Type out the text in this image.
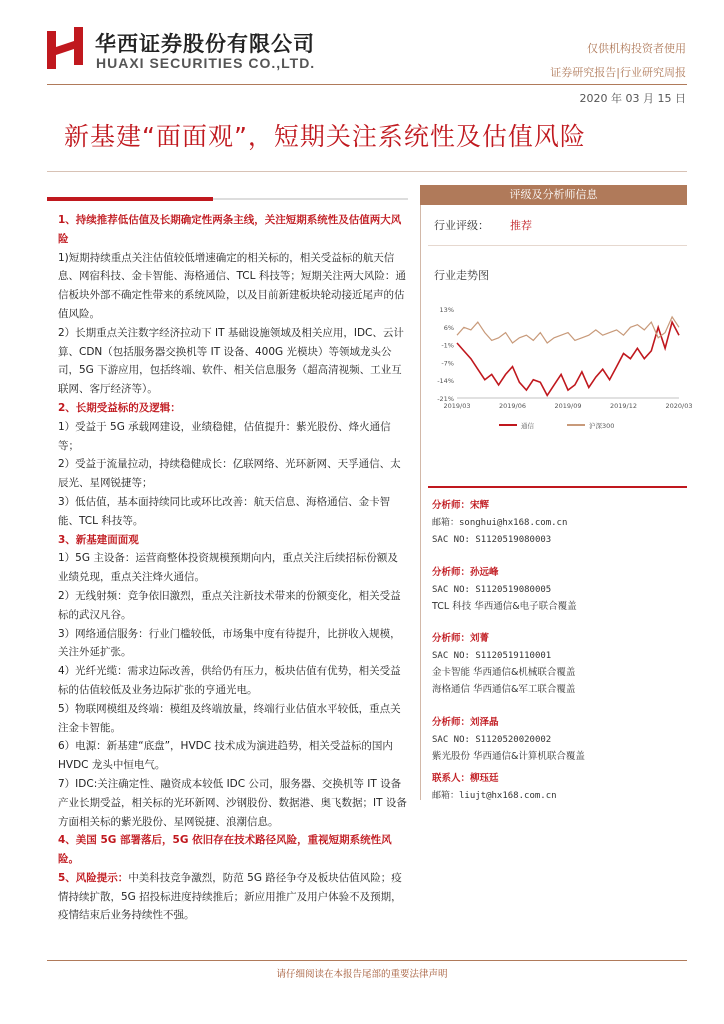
华西证券股份有限公司
HUAXI SECURITIES CO.,LTD.
仅供机构投资者使用
证券研究报告|行业研究周报
2020 年 03 月 15 日
新基建“面面观”，短期关注系统性及估值风险

1、持续推荐低估值及长期确定性两条主线，关注短期系统性及估值两大风险

1)短期持续重点关注估值较低增速确定的相关标的，相关受益标的航天信息、网宿科技、金卡智能、海格通信、TCL 科技等；短期关注两大风险：通信板块外部不确定性带来的系统风险，以及目前新建板块轮动接近尾声的估值风险。

2）长期重点关注数字经济拉动下 IT 基础设施领域及相关应用，IDC、云计算、CDN（包括服务器交换机等 IT 设备、400G 光模块）等领域龙头公司，5G 下游应用，包括终端、软件、相关信息服务（超高清视频、工业互联网、客厅经济等）。

2、长期受益标的及逻辑：

1）受益于 5G 承载网建设，业绩稳健，估值提升：紫光股份、烽火通信等；

2）受益于流量拉动，持续稳健成长：亿联网络、光环新网、天孚通信、太辰光、星网锐捷等；

3）低估值，基本面持续同比或环比改善：航天信息、海格通信、金卡智能、TCL 科技等。

3、新基建面面观

1）5G 主设备：运营商整体投资规模预期向内，重点关注后续招标份额及业绩兑现，重点关注烽火通信。

2）无线射频：竞争依旧激烈，重点关注新技术带来的份额变化，相关受益标的武汉凡谷。

3）网络通信服务：行业门槛较低，市场集中度有待提升，比拼收入规模，关注外延扩张。

4）光纤光缆：需求边际改善，供给仍有压力，板块估值有优势，相关受益标的估值较低及业务边际扩张的亨通光电。

5）物联网模组及终端：模组及终端放量，终端行业估值水平较低，重点关注金卡智能。

6）电源：新基建“底盘”，HVDC 技术成为演进趋势，相关受益标的国内 HVDC 龙头中恒电气。

7）IDC:关注确定性、融资成本较低 IDC 公司，服务器、交换机等 IT 设备产业长期受益，相关标的光环新网、沙钢股份、数据港、奥飞数据；IT 设备方面相关标的紫光股份、星网锐捷、浪潮信息。

4、美国 5G 部署落后，5G 依旧存在技术路径风险，重视短期系统性风险。

5、风险提示：中美科技竞争激烈，防范 5G 路径争夺及板块估值风险；疫情持续扩散，5G 招投标进度持续推后；新应用推广及用户体验不及预期，疫情结束后业务持续性不强。

评级及分析师信息
行业评级： 推荐
行业走势图
13%
6%
-1%
-7%
-14%
-21%
2019/03	2019/06	2019/09	2019/12	2020/03
通信	沪深300
分析师：宋辉
邮箱：songhui@hx168.com.cn
SAC NO: S1120519080003
分析师：孙远峰
SAC NO: S1120519080005
TCL 科技 华西通信&电子联合覆盖
分析师：刘菁
SAC NO: S1120519110001
金卡智能 华西通信&机械联合覆盖
海格通信 华西通信&军工联合覆盖
分析师：刘泽晶
SAC NO: S1120520020002
紫光股份 华西通信&计算机联合覆盖
联系人：柳珏廷
邮箱：liujt@hx168.com.cn
请仔细阅读在本报告尾部的重要法律声明
